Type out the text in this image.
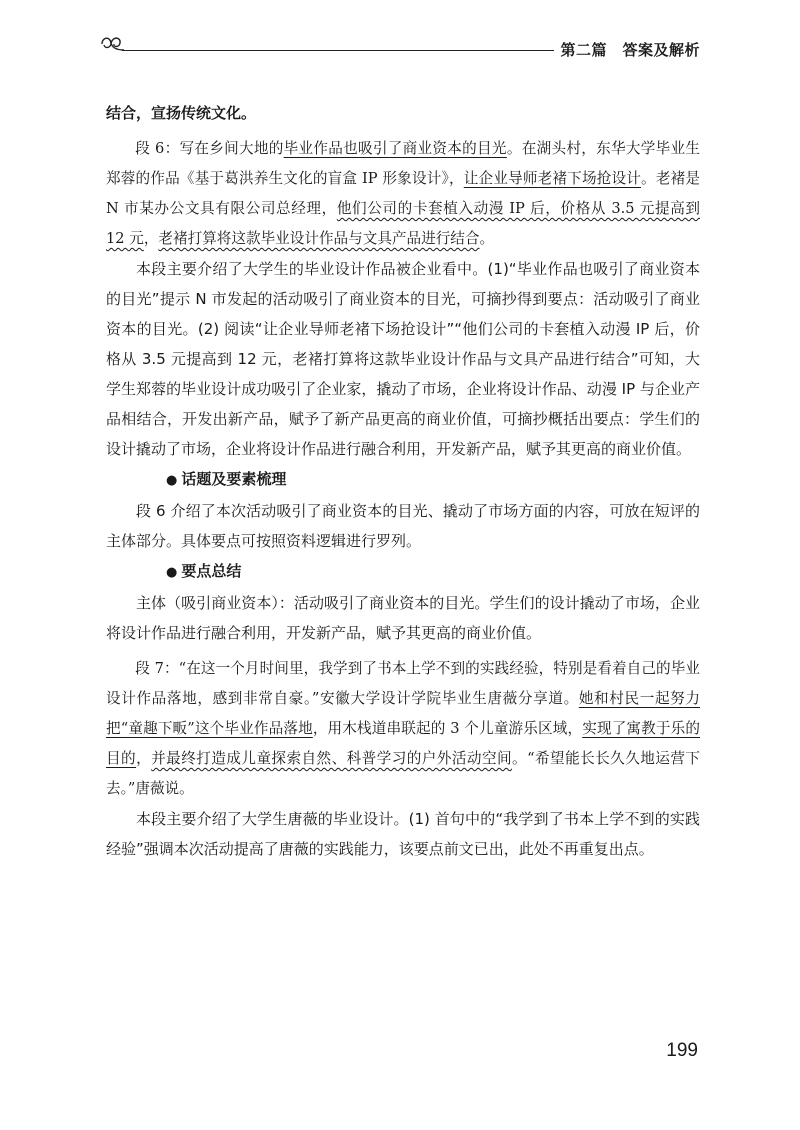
第二篇　答案及解析

结合，宣扬传统文化。

段 6：写在乡间大地的毕业作品也吸引了商业资本的目光。在湖头村，东华大学毕业生郑蓉的作品《基于葛洪养生文化的盲盒 IP 形象设计》，让企业导师老褚下场抢设计。老褚是 N 市某办公文具有限公司总经理，他们公司的卡套植入动漫 IP 后，价格从 3.5 元提高到 12 元，老褚打算将这款毕业设计作品与文具产品进行结合。

本段主要介绍了大学生的毕业设计作品被企业看中。(1)“毕业作品也吸引了商业资本的目光”提示 N 市发起的活动吸引了商业资本的目光，可摘抄得到要点：活动吸引了商业资本的目光。(2) 阅读“让企业导师老褚下场抢设计”“他们公司的卡套植入动漫 IP 后，价格从 3.5 元提高到 12 元，老褚打算将这款毕业设计作品与文具产品进行结合”可知，大学生郑蓉的毕业设计成功吸引了企业家，撬动了市场，企业将设计作品、动漫 IP 与企业产品相结合，开发出新产品，赋予了新产品更高的商业价值，可摘抄概括出要点：学生们的设计撬动了市场，企业将设计作品进行融合利用，开发新产品，赋予其更高的商业价值。

● 话题及要素梳理

段 6 介绍了本次活动吸引了商业资本的目光、撬动了市场方面的内容，可放在短评的主体部分。具体要点可按照资料逻辑进行罗列。

● 要点总结

主体（吸引商业资本）：活动吸引了商业资本的目光。学生们的设计撬动了市场，企业将设计作品进行融合利用，开发新产品，赋予其更高的商业价值。

段 7：“在这一个月时间里，我学到了书本上学不到的实践经验，特别是看着自己的毕业设计作品落地，感到非常自豪。”安徽大学设计学院毕业生唐薇分享道。她和村民一起努力把“童趣下畈”这个毕业作品落地，用木栈道串联起的 3 个儿童游乐区域，实现了寓教于乐的目的，并最终打造成儿童探索自然、科普学习的户外活动空间。“希望能长长久久地运营下去。”唐薇说。

本段主要介绍了大学生唐薇的毕业设计。(1) 首句中的“我学到了书本上学不到的实践经验”强调本次活动提高了唐薇的实践能力，该要点前文已出，此处不再重复出点。

199
